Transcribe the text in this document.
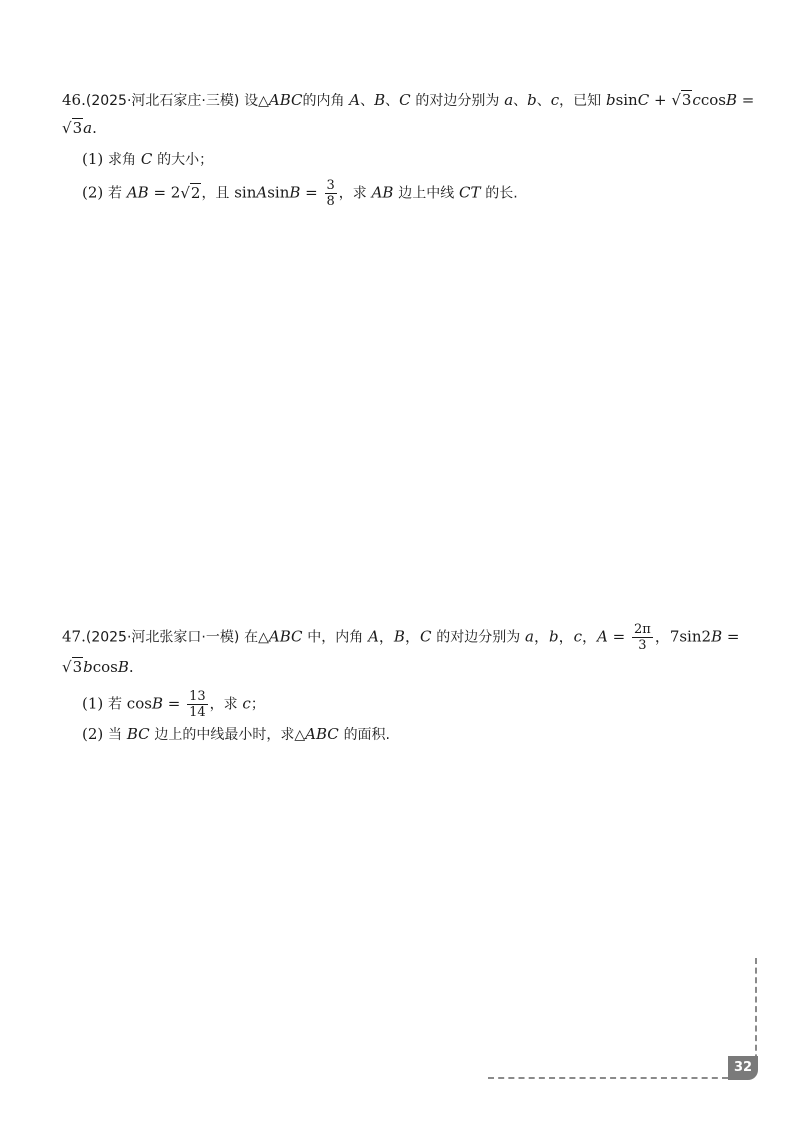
46.(2025·河北石家庄·三模) 设△ABC的内角 A、B、C 的对边分别为 a、b、c，已知 bsinC + √3ccosB =
√3a.
(1) 求角 C 的大小；
(2) 若 AB = 2√2，且 sinAsinB = $\frac{3}{8}$ ，求 AB 边上中线 CT 的长.
47.(2025·河北张家口·一模) 在△ABC 中，内角 A，B，C 的对边分别为 a，b，c，$A = \frac{2\pi}{3}$ ，7sin2B =
√3bcosB.
(1) 若 $\cos B = \frac{13}{14}$ ，求 c；
(2) 当 BC 边上的中线最小时，求△ABC 的面积.
32
